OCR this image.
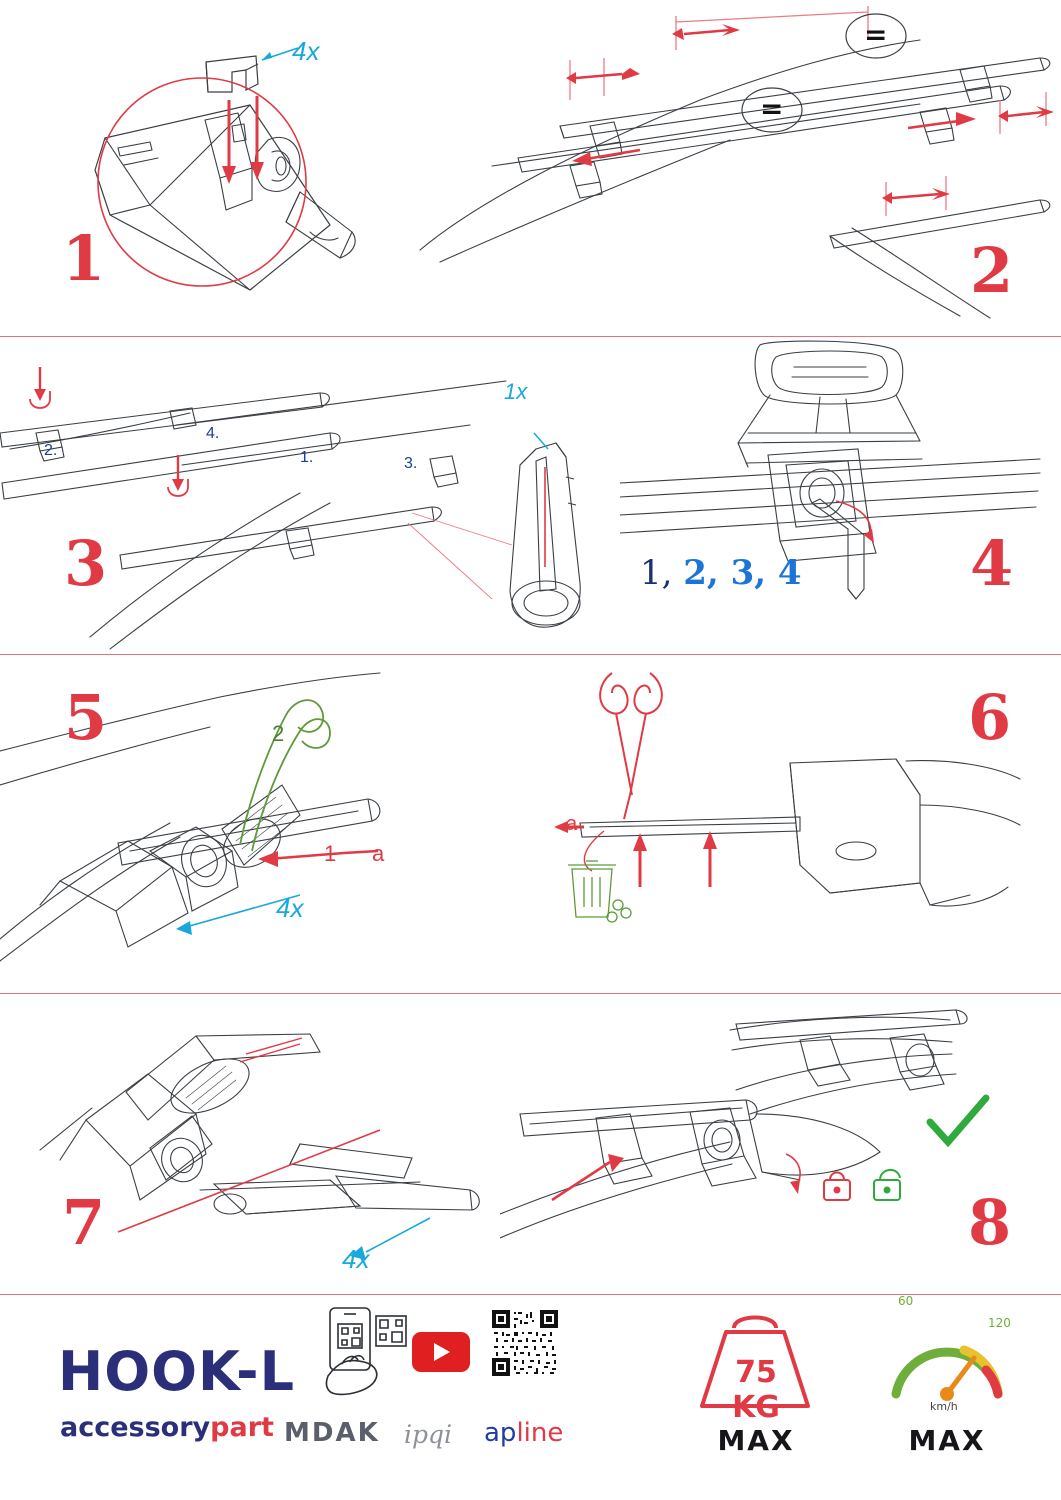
4x
1
=
=
2
2.
4.
1.	3.
1x
3	1, 2, 3, 4	4
1 a
2
4x
5
a
6
4x
7	8
HOOK-L
accessorypart MDAK ipqi apline
75 KG
MAX
60
120
km/h
MAX
